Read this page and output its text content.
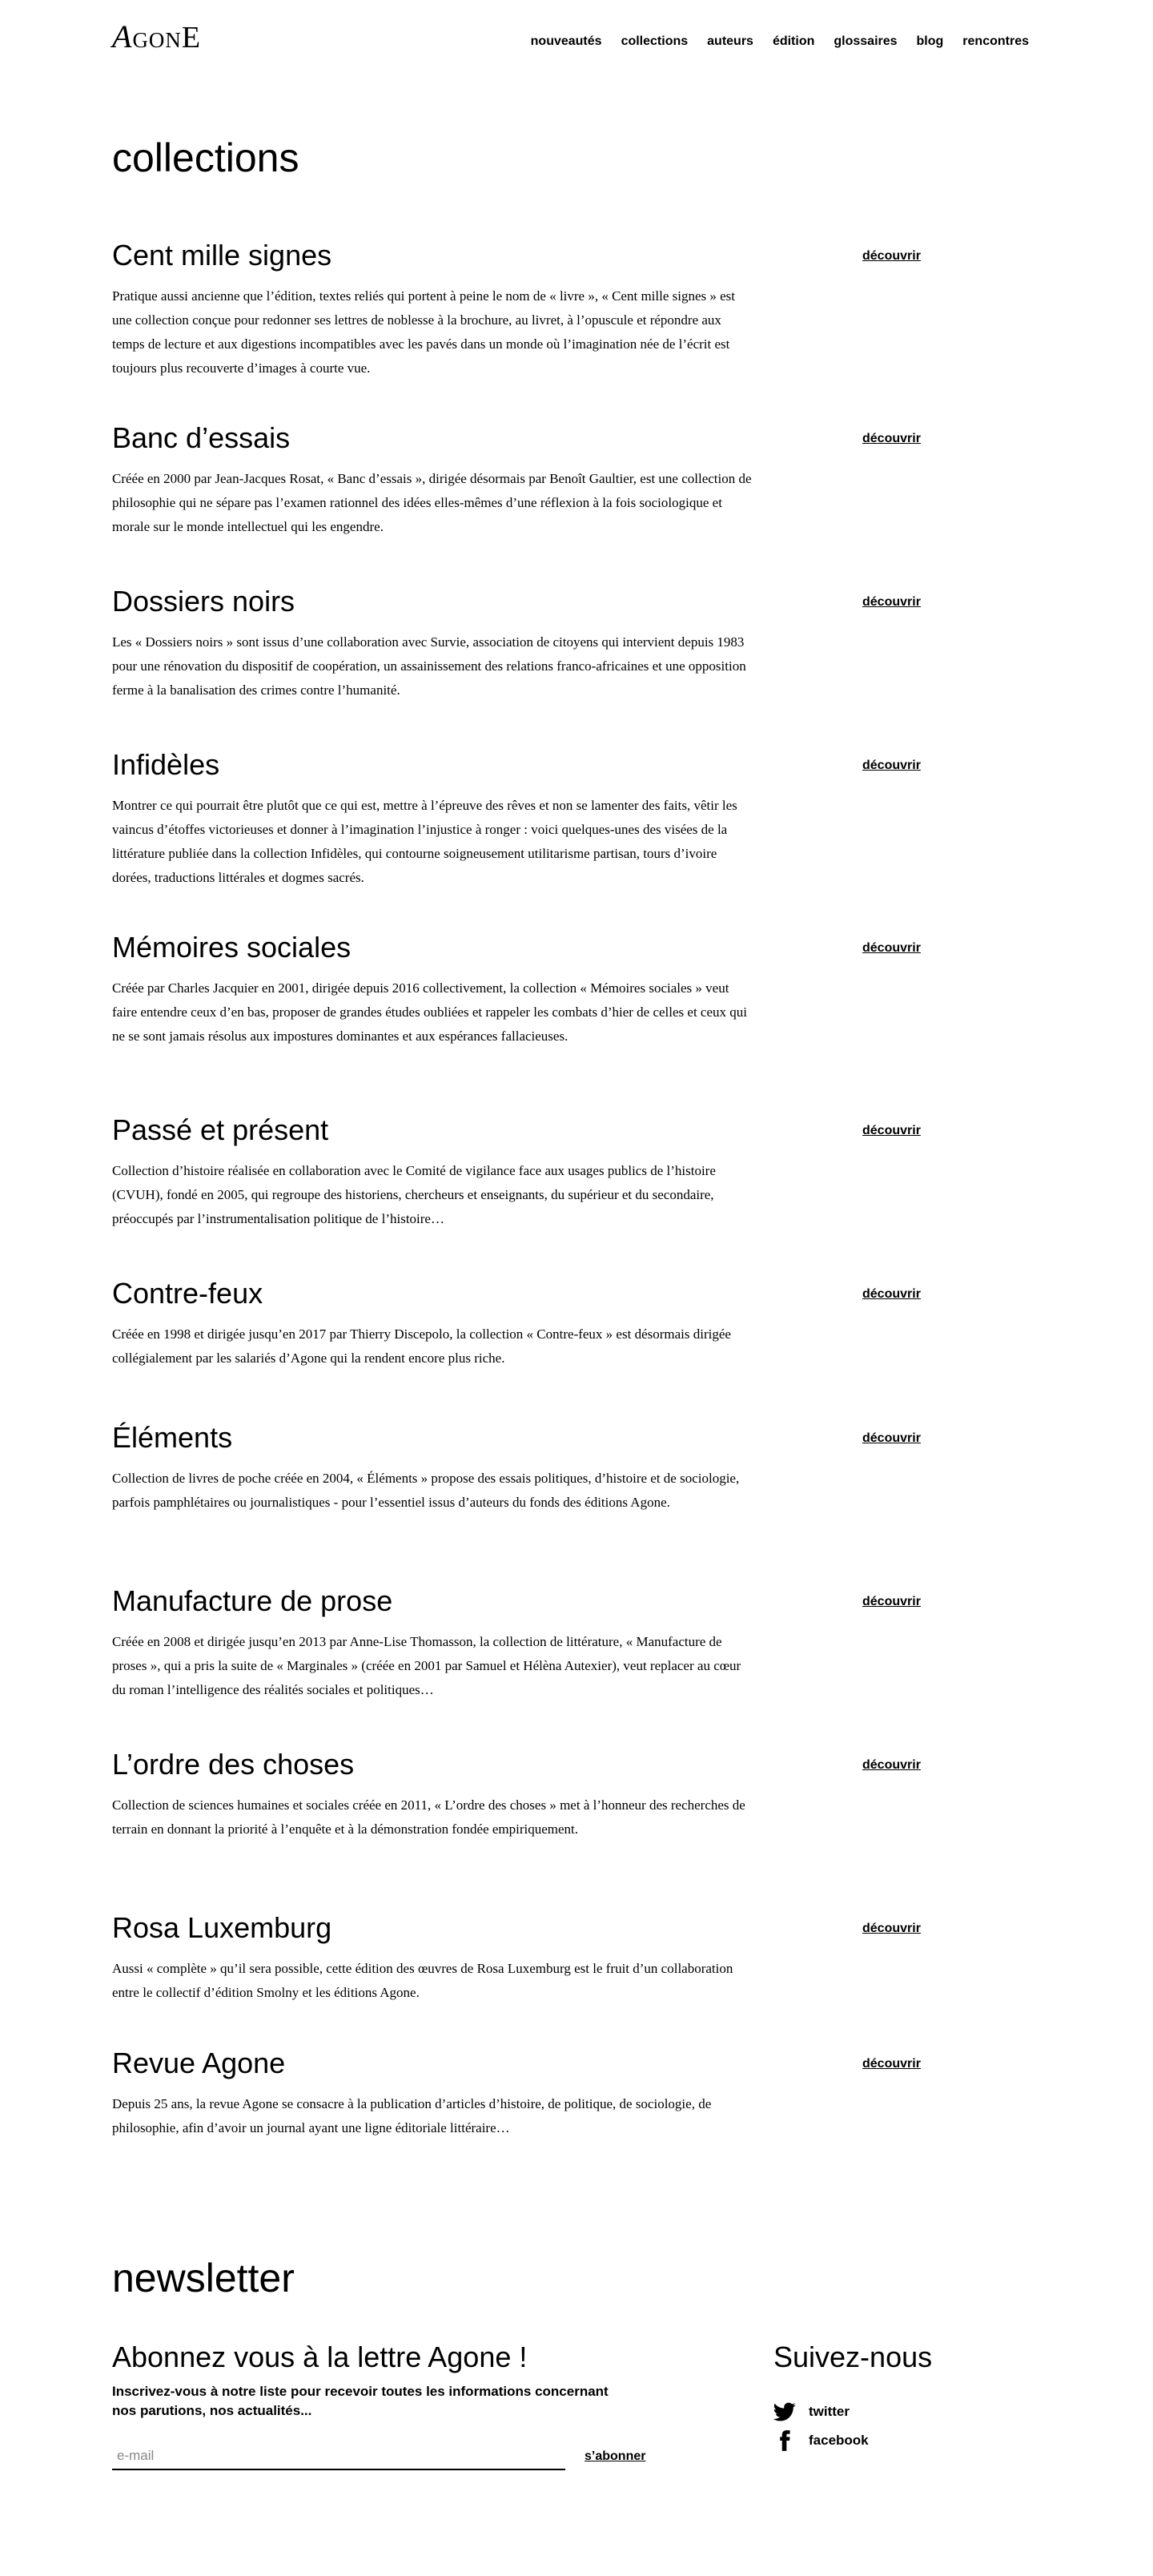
AgonE	nouveautés collections auteurs édition glossaires blog rencontres
collections
Cent mille signes

Pratique aussi ancienne que l’édition, textes reliés qui portent à peine le nom de « livre », « Cent mille signes » est une collection conçue pour redonner ses lettres de noblesse à la brochure, au livret, à l’opuscule et répondre aux temps de lecture et aux digestions incompatibles avec les pavés dans un monde où l’imagination née de l’écrit est toujours plus recouverte d’images à courte vue.

découvrir
Banc d’essais

Créée en 2000 par Jean-Jacques Rosat, « Banc d’essais », dirigée désormais par Benoît Gaultier, est une collection de philosophie qui ne sépare pas l’examen rationnel des idées elles-mêmes d’une réflexion à la fois sociologique et morale sur le monde intellectuel qui les engendre.

découvrir
Dossiers noirs

Les « Dossiers noirs » sont issus d’une collaboration avec Survie, association de citoyens qui intervient depuis 1983 pour une rénovation du dispositif de coopération, un assainissement des relations franco-africaines et une opposition ferme à la banalisation des crimes contre l’humanité.

découvrir
Infidèles

Montrer ce qui pourrait être plutôt que ce qui est, mettre à l’épreuve des rêves et non se lamenter des faits, vêtir les vaincus d’étoffes victorieuses et donner à l’imagination l’injustice à ronger : voici quelques-unes des visées de la littérature publiée dans la collection Infidèles, qui contourne soigneusement utilitarisme partisan, tours d’ivoire dorées, traductions littérales et dogmes sacrés.

découvrir
Mémoires sociales

Créée par Charles Jacquier en 2001, dirigée depuis 2016 collectivement, la collection « Mémoires sociales » veut faire entendre ceux d’en bas, proposer de grandes études oubliées et rappeler les combats d’hier de celles et ceux qui ne se sont jamais résolus aux impostures dominantes et aux espérances fallacieuses.

découvrir
Passé et présent

Collection d’histoire réalisée en collaboration avec le Comité de vigilance face aux usages publics de l’histoire (CVUH), fondé en 2005, qui regroupe des historiens, chercheurs et enseignants, du supérieur et du secondaire, préoccupés par l’instrumentalisation politique de l’histoire…

découvrir
Contre-feux

Créée en 1998 et dirigée jusqu’en 2017 par Thierry Discepolo, la collection « Contre-feux » est désormais dirigée collégialement par les salariés d’Agone qui la rendent encore plus riche.

découvrir
Éléments

Collection de livres de poche créée en 2004, « Éléments » propose des essais politiques, d’histoire et de sociologie, parfois pamphlétaires ou journalistiques - pour l’essentiel issus d’auteurs du fonds des éditions Agone.

découvrir
Manufacture de prose

Créée en 2008 et dirigée jusqu’en 2013 par Anne-Lise Thomasson, la collection de littérature, « Manufacture de proses », qui a pris la suite de « Marginales » (créée en 2001 par Samuel et Hélèna Autexier), veut replacer au cœur du roman l’intelligence des réalités sociales et politiques…

découvrir
L’ordre des choses

Collection de sciences humaines et sociales créée en 2011, « L’ordre des choses » met à l’honneur des recherches de terrain en donnant la priorité à l’enquête et à la démonstration fondée empiriquement.

découvrir
Rosa Luxemburg

Aussi « complète » qu’il sera possible, cette édition des œuvres de Rosa Luxemburg est le fruit d’un collaboration entre le collectif d’édition Smolny et les éditions Agone.

découvrir
Revue Agone

Depuis 25 ans, la revue Agone se consacre à la publication d’articles d’histoire, de politique, de sociologie, de philosophie, afin d’avoir un journal ayant une ligne éditoriale littéraire…

découvrir
newsletter
Abonnez vous à la lettre Agone !

Inscrivez-vous à notre liste pour recevoir toutes les informations concernant nos parutions, nos actualités...

e-mail
s’abonner
Suivez-nous
twitter
facebook
